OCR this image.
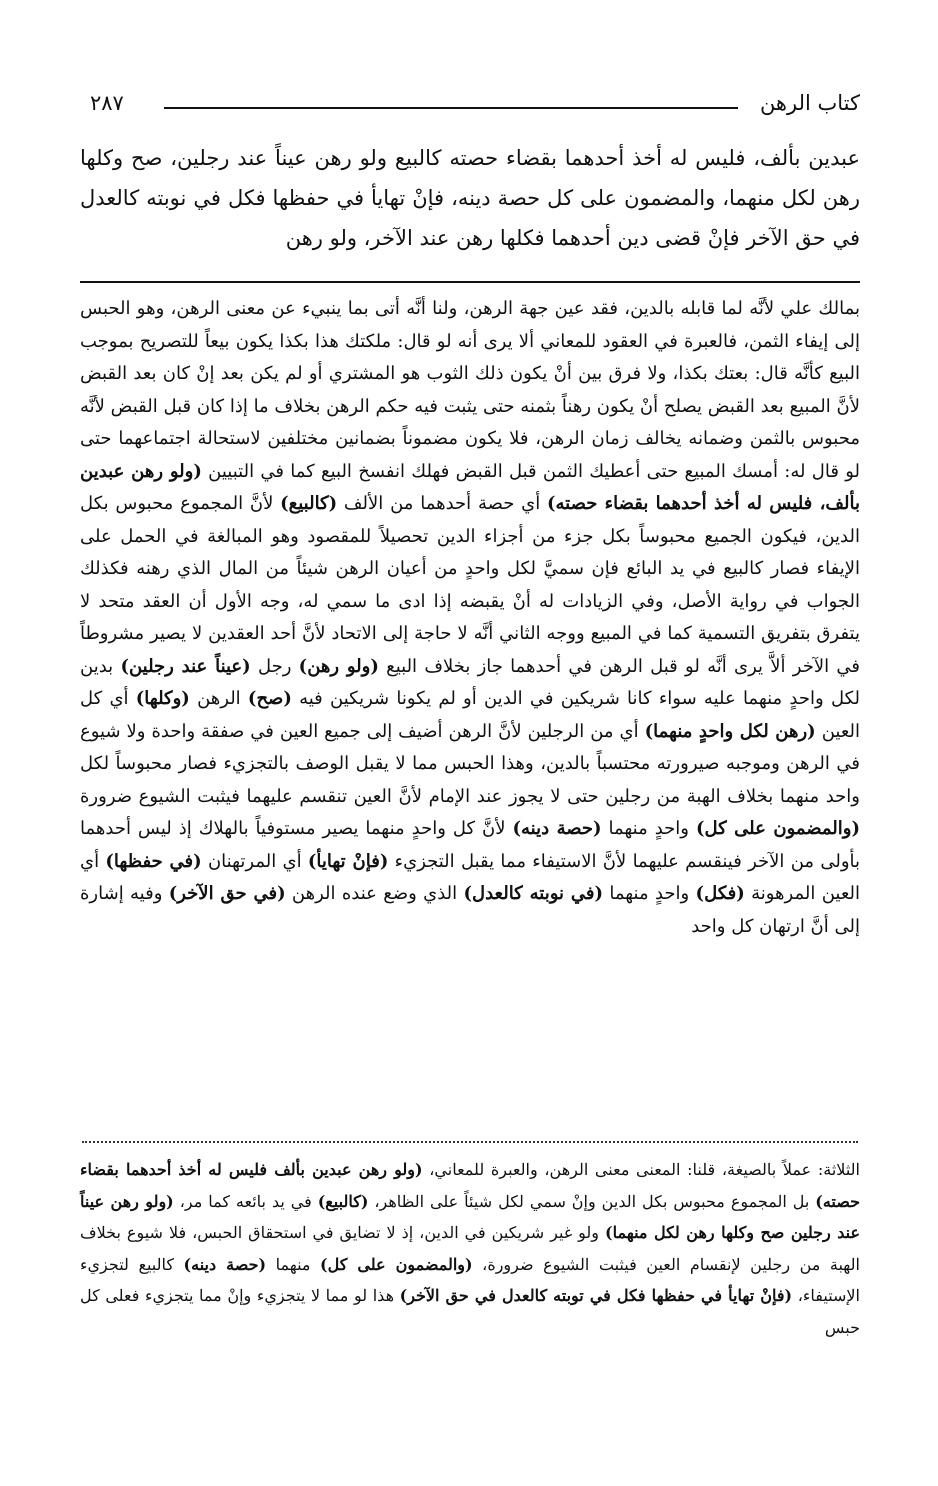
كتاب الرهن
٢٨٧

عبدين بألف، فليس له أخذ أحدهما بقضاء حصته كالبيع ولو رهن عيناً عند رجلين، صح وكلها رهن لكل منهما، والمضمون على كل حصة دينه، فإنْ تهايأ في حفظها فكل في نوبته كالعدل في حق الآخر فإنْ قضى دين أحدهما فكلها رهن عند الآخر، ولو رهن

بمالك علي لأنَّه لما قابله بالدين، فقد عين جهة الرهن، ولنا أنَّه أتى بما ينبيء عن معنى الرهن، وهو الحبس إلى إيفاء الثمن، فالعبرة في العقود للمعاني ألا يرى أنه لو قال: ملكتك هذا بكذا يكون بيعاً للتصريح بموجب البيع كأنَّه قال: بعتك بكذا، ولا فرق بين أنْ يكون ذلك الثوب هو المشتري أو لم يكن بعد إنْ كان بعد القبض لأنَّ المبيع بعد القبض يصلح أنْ يكون رهناً بثمنه حتى يثبت فيه حكم الرهن بخلاف ما إذا كان قبل القبض لأنَّه محبوس بالثمن وضمانه يخالف زمان الرهن، فلا يكون مضموناً بضمانين مختلفين لاستحالة اجتماعهما حتى لو قال له: أمسك المبيع حتى أعطيك الثمن قبل القبض فهلك انفسخ البيع كما في التبيين (ولو رهن عبدين بألف، فليس له أخذ أحدهما بقضاء حصته) أي حصة أحدهما من الألف (كالبيع) لأنَّ المجموع محبوس بكل الدين، فيكون الجميع محبوساً بكل جزء من أجزاء الدين تحصيلاً للمقصود وهو المبالغة في الحمل على الإيفاء فصار كالبيع في يد البائع فإن سميَّ لكل واحدٍ من أعيان الرهن شيئاً من المال الذي رهنه فكذلك الجواب في رواية الأصل، وفي الزيادات له أنْ يقبضه إذا ادى ما سمي له، وجه الأول أن العقد متحد لا يتفرق بتفريق التسمية كما في المبيع ووجه الثاني أنَّه لا حاجة إلى الاتحاد لأنَّ أحد العقدين لا يصير مشروطاً في الآخر ألاَّ يرى أنَّه لو قبل الرهن في أحدهما جاز بخلاف البيع (ولو رهن) رجل (عيناً عند رجلين) بدين لكل واحدٍ منهما عليه سواء كانا شريكين في الدين أو لم يكونا شريكين فيه (صح) الرهن (وكلها) أي كل العين (رهن لكل واحدٍ منهما) أي من الرجلين لأنَّ الرهن أضيف إلى جميع العين في صفقة واحدة ولا شيوع في الرهن وموجبه صيرورته محتسباً بالدين، وهذا الحبس مما لا يقبل الوصف بالتجزيء فصار محبوساً لكل واحد منهما بخلاف الهبة من رجلين حتى لا يجوز عند الإمام لأنَّ العين تنقسم عليهما فيثبت الشيوع ضرورة (والمضمون على كل) واحدٍ منهما (حصة دينه) لأنَّ كل واحدٍ منهما يصير مستوفياً بالهلاك إذ ليس أحدهما بأولى من الآخر فينقسم عليهما لأنَّ الاستيفاء مما يقبل التجزيء (فإنْ تهايأ) أي المرتهنان (في حفظها) أي العين المرهونة (فكل) واحدٍ منهما (في نوبته كالعدل) الذي وضع عنده الرهن (في حق الآخر) وفيه إشارة إلى أنَّ ارتهان كل واحد

الثلاثة: عملاً بالصيغة، قلنا: المعنى معنى الرهن، والعبرة للمعاني، (ولو رهن عبدين بألف فليس له أخذ أحدهما بقضاء حصته) بل المجموع محبوس بكل الدين وإنْ سمي لكل شيئاً على الظاهر، (كالبيع) في يد بائعه كما مر، (ولو رهن عيناً عند رجلين صح وكلها رهن لكل منهما) ولو غير شريكين في الدين، إذ لا تضايق في استحقاق الحبس، فلا شيوع بخلاف الهبة من رجلين لإنقسام العين فيثبت الشيوع ضرورة، (والمضمون على كل) منهما (حصة دينه) كالبيع لتجزيء الإستيفاء، (فإنْ تهايأ في حفظها فكل في توبته كالعدل في حق الآخر) هذا لو مما لا يتجزيء وإنْ مما يتجزيء فعلى كل حبس
